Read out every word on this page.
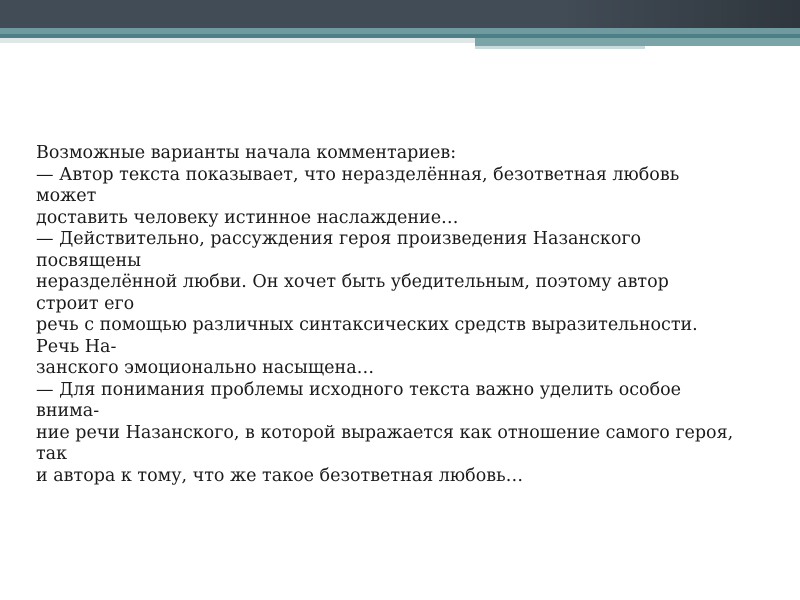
Возможные варианты начала комментариев:

— Автор текста показывает, что неразделённая, безответная любовь может

доставить человеку истинное наслаждение…

— Действительно, рассуждения героя произведения Назанского посвящены

неразделённой любви. Он хочет быть убедительным, поэтому автор строит его

речь с помощью различных синтаксических средств выразительности. Речь На-

занского эмоционально насыщена…

— Для понимания проблемы исходного текста важно уделить особое внима-

ние речи Назанского, в которой выражается как отношение самого героя, так

и автора к тому, что же такое безответная любовь…
